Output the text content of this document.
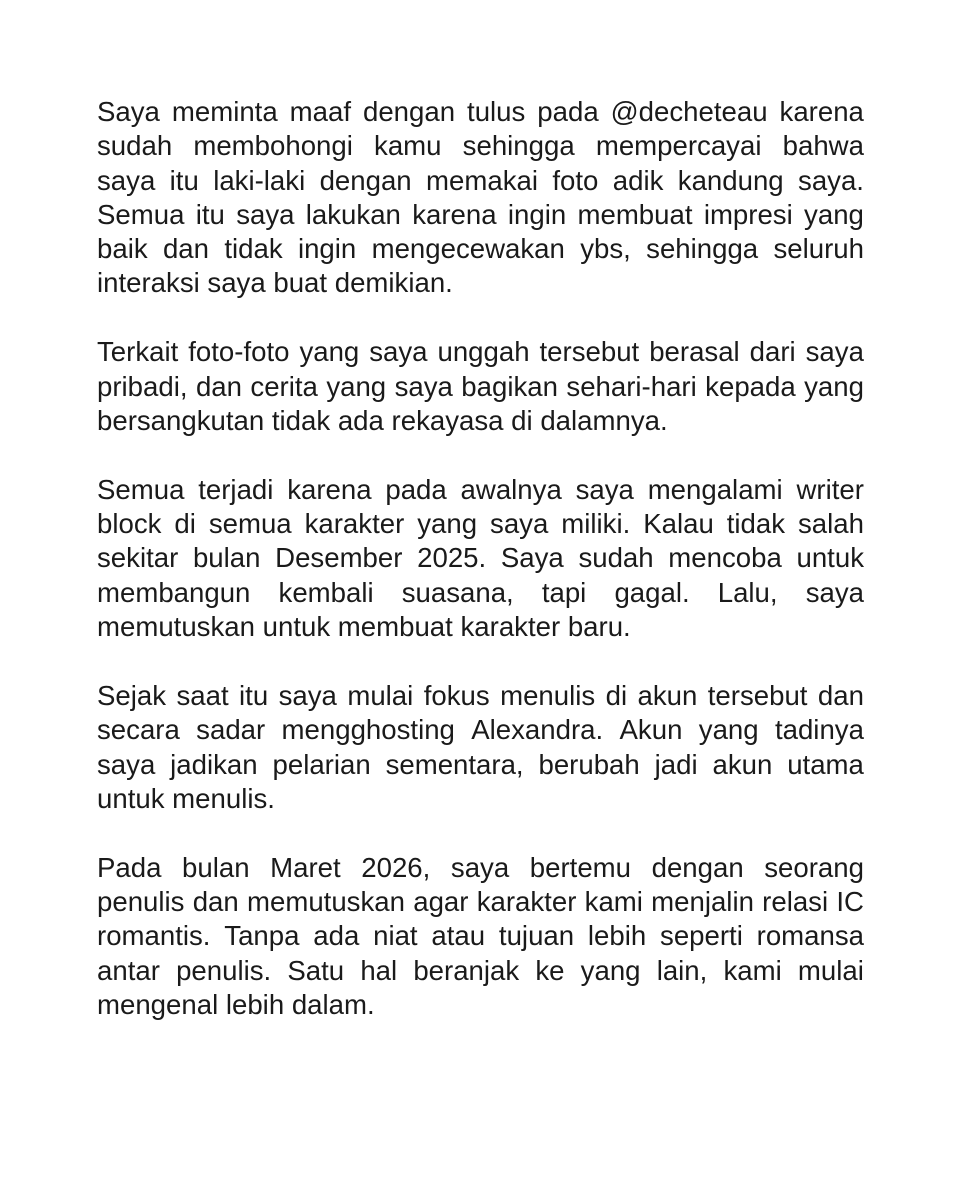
Saya meminta maaf dengan tulus pada @decheteau karena
sudah membohongi kamu sehingga mempercayai bahwa
saya itu laki-laki dengan memakai foto adik kandung saya.
Semua itu saya lakukan karena ingin membuat impresi yang
baik dan tidak ingin mengecewakan ybs, sehingga seluruh
interaksi saya buat demikian.
Terkait foto-foto yang saya unggah tersebut berasal dari saya
pribadi, dan cerita yang saya bagikan sehari-hari kepada yang
bersangkutan tidak ada rekayasa di dalamnya.
Semua terjadi karena pada awalnya saya mengalami writer
block di semua karakter yang saya miliki. Kalau tidak salah
sekitar bulan Desember 2025. Saya sudah mencoba untuk
membangun kembali suasana, tapi gagal. Lalu, saya
memutuskan untuk membuat karakter baru.
Sejak saat itu saya mulai fokus menulis di akun tersebut dan
secara sadar mengghosting Alexandra. Akun yang tadinya
saya jadikan pelarian sementara, berubah jadi akun utama
untuk menulis.
Pada bulan Maret 2026, saya bertemu dengan seorang
penulis dan memutuskan agar karakter kami menjalin relasi IC
romantis. Tanpa ada niat atau tujuan lebih seperti romansa
antar penulis. Satu hal beranjak ke yang lain, kami mulai
mengenal lebih dalam.
